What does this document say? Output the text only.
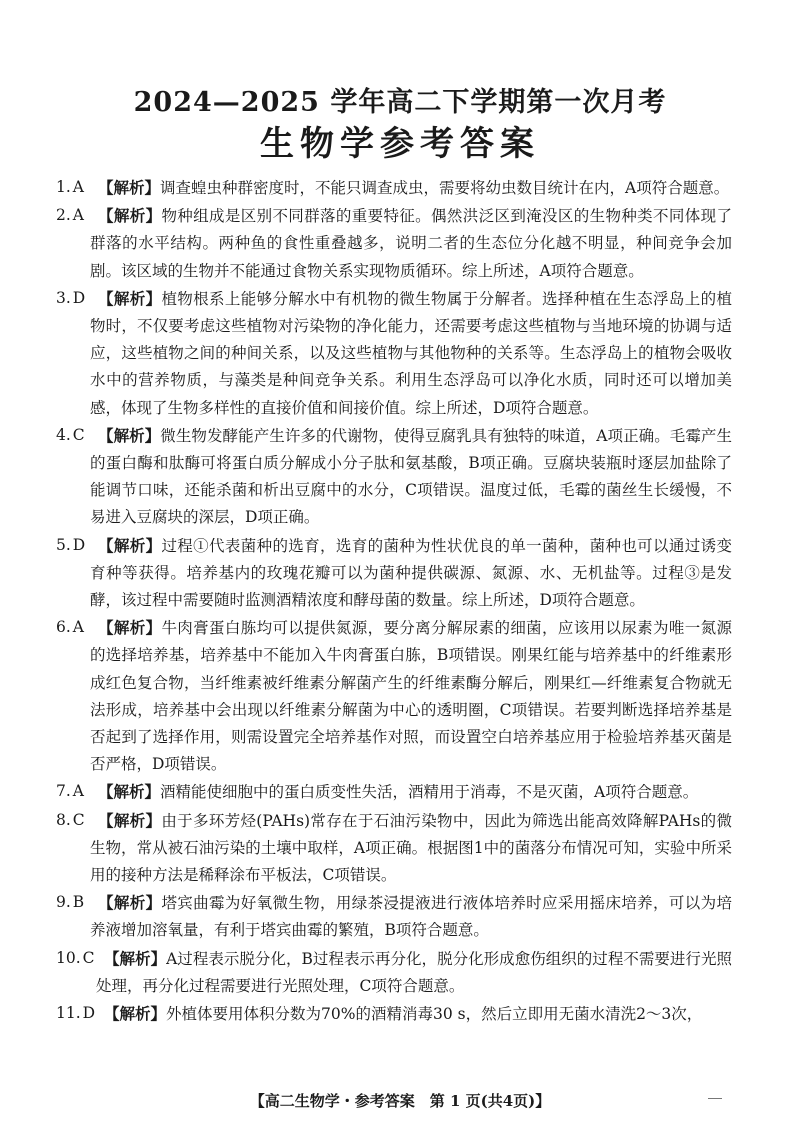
2024—2025 学年高二下学期第一次月考
生物学参考答案
1. A 【解析】调查蝗虫种群密度时，不能只调查成虫，需要将幼虫数目统计在内，A项符合题意。
2. A 【解析】物种组成是区别不同群落的重要特征。偶然洪泛区到淹没区的生物种类不同体现了群落的水平结构。两种鱼的食性重叠越多，说明二者的生态位分化越不明显，种间竞争会加剧。该区域的生物并不能通过食物关系实现物质循环。综上所述，A项符合题意。
3. D 【解析】植物根系上能够分解水中有机物的微生物属于分解者。选择种植在生态浮岛上的植物时，不仅要考虑这些植物对污染物的净化能力，还需要考虑这些植物与当地环境的协调与适应，这些植物之间的种间关系，以及这些植物与其他物种的关系等。生态浮岛上的植物会吸收水中的营养物质，与藻类是种间竞争关系。利用生态浮岛可以净化水质，同时还可以增加美感，体现了生物多样性的直接价值和间接价值。综上所述，D项符合题意。
4. C 【解析】微生物发酵能产生许多的代谢物，使得豆腐乳具有独特的味道，A项正确。毛霉产生的蛋白酶和肽酶可将蛋白质分解成小分子肽和氨基酸，B项正确。豆腐块装瓶时逐层加盐除了能调节口味，还能杀菌和析出豆腐中的水分，C项错误。温度过低，毛霉的菌丝生长缓慢，不易进入豆腐块的深层，D项正确。
5. D 【解析】过程①代表菌种的选育，选育的菌种为性状优良的单一菌种，菌种也可以通过诱变育种等获得。培养基内的玫瑰花瓣可以为菌种提供碳源、氮源、水、无机盐等。过程③是发酵，该过程中需要随时监测酒精浓度和酵母菌的数量。综上所述，D项符合题意。
6. A 【解析】牛肉膏蛋白胨均可以提供氮源，要分离分解尿素的细菌，应该用以尿素为唯一氮源的选择培养基，培养基中不能加入牛肉膏蛋白胨，B项错误。刚果红能与培养基中的纤维素形成红色复合物，当纤维素被纤维素分解菌产生的纤维素酶分解后，刚果红—纤维素复合物就无法形成，培养基中会出现以纤维素分解菌为中心的透明圈，C项错误。若要判断选择培养基是否起到了选择作用，则需设置完全培养基作对照，而设置空白培养基应用于检验培养基灭菌是否严格，D项错误。
7. A 【解析】酒精能使细胞中的蛋白质变性失活，酒精用于消毒，不是灭菌，A项符合题意。
8. C 【解析】由于多环芳烃(PAHs)常存在于石油污染物中，因此为筛选出能高效降解PAHs的微生物，常从被石油污染的土壤中取样，A项正确。根据图1中的菌落分布情况可知，实验中所采用的接种方法是稀释涂布平板法，C项错误。
9. B 【解析】塔宾曲霉为好氧微生物，用绿茶浸提液进行液体培养时应采用摇床培养，可以为培养液增加溶氧量，有利于塔宾曲霉的繁殖，B项符合题意。
10. C 【解析】A过程表示脱分化，B过程表示再分化，脱分化形成愈伤组织的过程不需要进行光照处理，再分化过程需要进行光照处理，C项符合题意。
11. D 【解析】外植体要用体积分数为70%的酒精消毒30 s，然后立即用无菌水清洗2～3次，
【高二生物学・参考答案　第 1 页(共4页)】
